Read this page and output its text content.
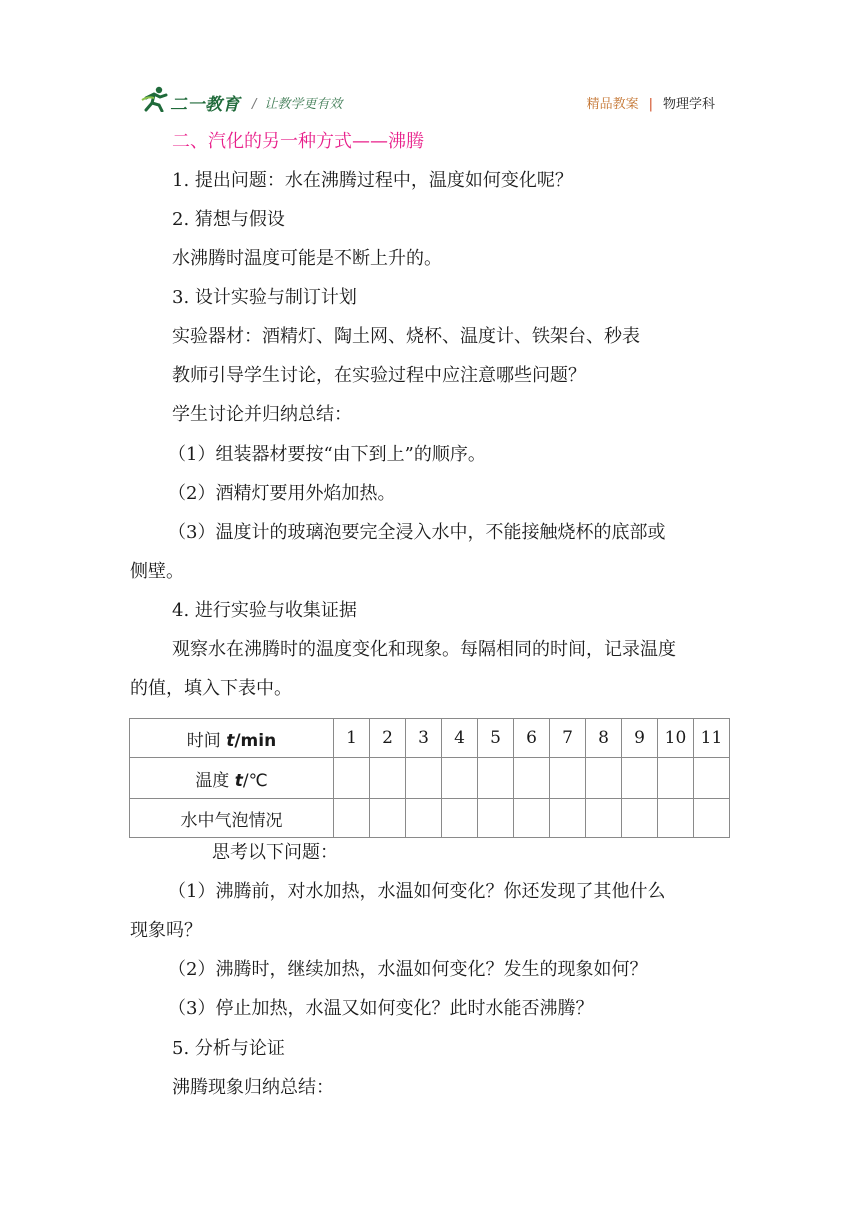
二一教育 / 让教学更有效	精品教案 | 物理学科
二、汽化的另一种方式——沸腾
1. 提出问题：水在沸腾过程中，温度如何变化呢？
2. 猜想与假设
水沸腾时温度可能是不断上升的。
3. 设计实验与制订计划
实验器材：酒精灯、陶土网、烧杯、温度计、铁架台、秒表
教师引导学生讨论，在实验过程中应注意哪些问题？
学生讨论并归纳总结：
（1）组装器材要按“由下到上”的顺序。
（2）酒精灯要用外焰加热。
（3）温度计的玻璃泡要完全浸入水中，不能接触烧杯的底部或
侧壁。
4. 进行实验与收集证据
观察水在沸腾时的温度变化和现象。每隔相同的时间，记录温度
的值，填入下表中。
时间 t/min	1	2	3	4	5	6	7	8	9	10	11
温度 t/℃											
水中气泡情况											
思考以下问题：
（1）沸腾前，对水加热，水温如何变化？你还发现了其他什么
现象吗？
（2）沸腾时，继续加热，水温如何变化？发生的现象如何？
（3）停止加热，水温又如何变化？此时水能否沸腾？
5. 分析与论证
沸腾现象归纳总结：
